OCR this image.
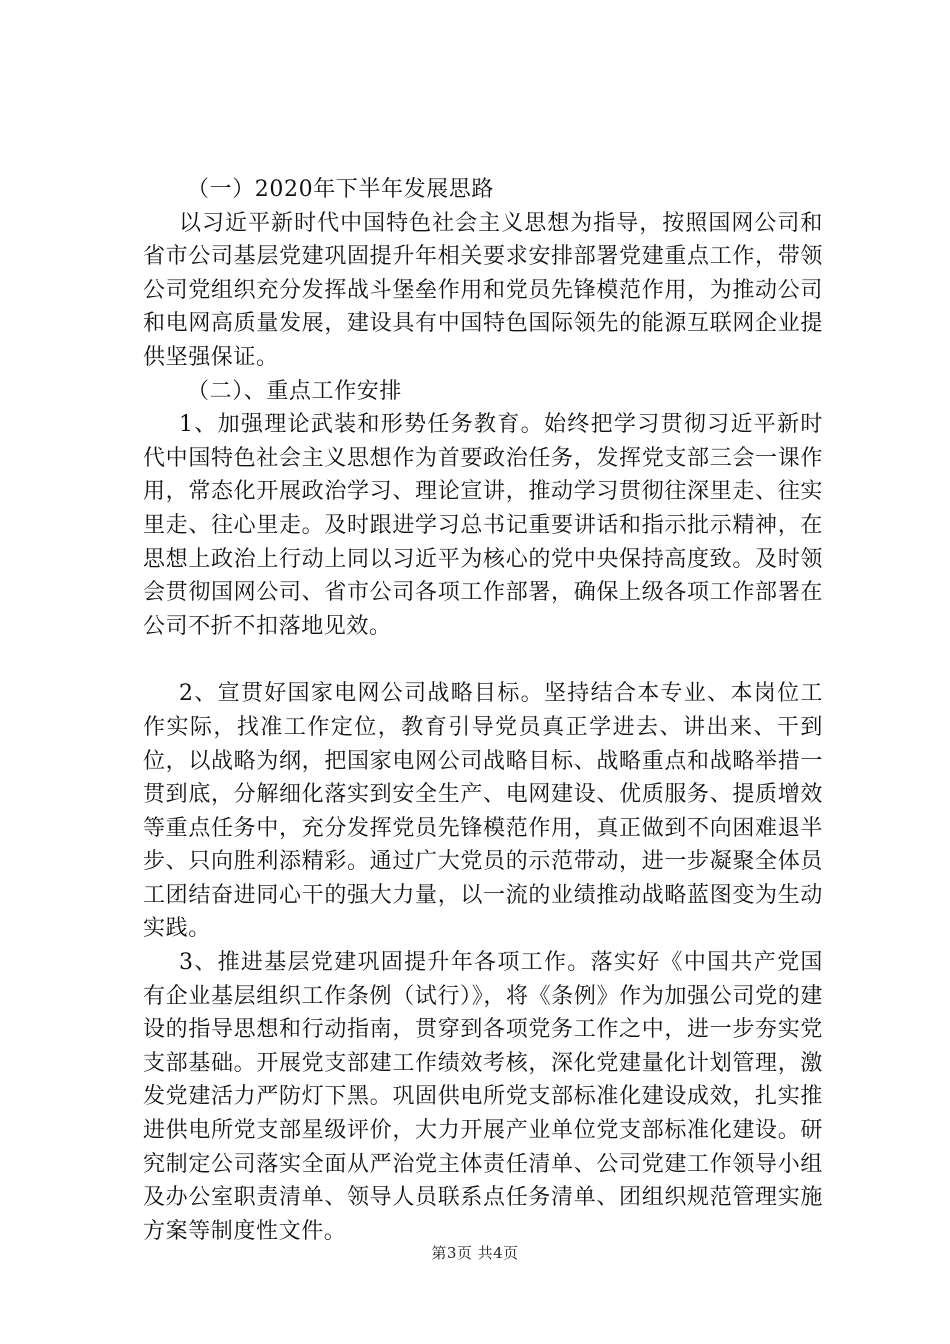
（一）2020年下半年发展思路

以习近平新时代中国特色社会主义思想为指导，按照国网公司和省市公司基层党建巩固提升年相关要求安排部署党建重点工作，带领公司党组织充分发挥战斗堡垒作用和党员先锋模范作用，为推动公司和电网高质量发展，建设具有中国特色国际领先的能源互联网企业提供坚强保证。

（二）、重点工作安排

1、加强理论武装和形势任务教育。始终把学习贯彻习近平新时代中国特色社会主义思想作为首要政治任务，发挥党支部三会一课作用，常态化开展政治学习、理论宣讲，推动学习贯彻往深里走、往实里走、往心里走。及时跟进学习总书记重要讲话和指示批示精神，在思想上政治上行动上同以习近平为核心的党中央保持高度致。及时领会贯彻国网公司、省市公司各项工作部署，确保上级各项工作部署在公司不折不扣落地见效。

2、宣贯好国家电网公司战略目标。坚持结合本专业、本岗位工作实际，找准工作定位，教育引导党员真正学进去、讲出来、干到位，以战略为纲，把国家电网公司战略目标、战略重点和战略举措一贯到底，分解细化落实到安全生产、电网建设、优质服务、提质增效等重点任务中，充分发挥党员先锋模范作用，真正做到不向困难退半步、只向胜利添精彩。通过广大党员的示范带动，进一步凝聚全体员工团结奋进同心干的强大力量，以一流的业绩推动战略蓝图变为生动实践。

3、推进基层党建巩固提升年各项工作。落实好《中国共产党国有企业基层组织工作条例（试行）》，将《条例》作为加强公司党的建设的指导思想和行动指南，贯穿到各项党务工作之中，进一步夯实党支部基础。开展党支部建工作绩效考核，深化党建量化计划管理，激发党建活力严防灯下黑。巩固供电所党支部标准化建设成效，扎实推进供电所党支部星级评价，大力开展产业单位党支部标准化建设。研究制定公司落实全面从严治党主体责任清单、公司党建工作领导小组及办公室职责清单、领导人员联系点任务清单、团组织规范管理实施方案等制度性文件。

第3页 共4页
